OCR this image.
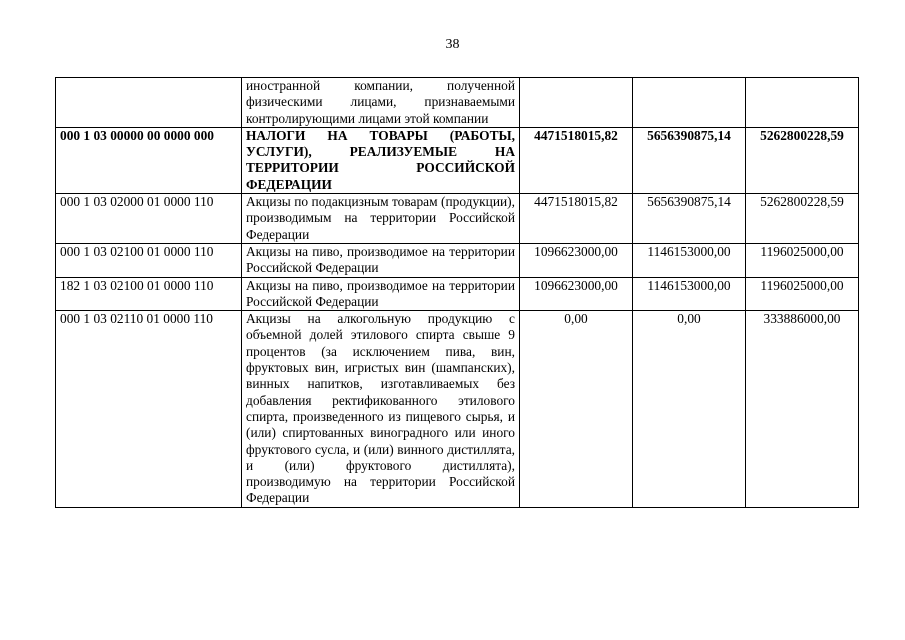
38
	иностранной компании, полученной физическими лицами, признаваемыми контролирующими лицами этой компании			
000 1 03 00000 00 0000 000	НАЛОГИ НА ТОВАРЫ (РАБОТЫ, УСЛУГИ), РЕАЛИЗУЕМЫЕ НА ТЕРРИТОРИИ РОССИЙСКОЙ ФЕДЕРАЦИИ	4471518015,82	5656390875,14	5262800228,59
000 1 03 02000 01 0000 110	Акцизы по подакцизным товарам (продукции), производимым на территории Российской Федерации	4471518015,82	5656390875,14	5262800228,59
000 1 03 02100 01 0000 110	Акцизы на пиво, производимое на территории Российской Федерации	1096623000,00	1146153000,00	1196025000,00
182 1 03 02100 01 0000 110	Акцизы на пиво, производимое на территории Российской Федерации	1096623000,00	1146153000,00	1196025000,00
000 1 03 02110 01 0000 110	Акцизы на алкогольную продукцию с объемной долей этилового спирта свыше 9 процентов (за исключением пива, вин, фруктовых вин, игристых вин (шампанских), винных напитков, изготавливаемых без добавления ректификованного этилового спирта, произведенного из пищевого сырья, и (или) спиртованных виноградного или иного фруктового сусла, и (или) винного дистиллята, и (или) фруктового дистиллята), производимую на территории Российской Федерации	0,00	0,00	333886000,00
